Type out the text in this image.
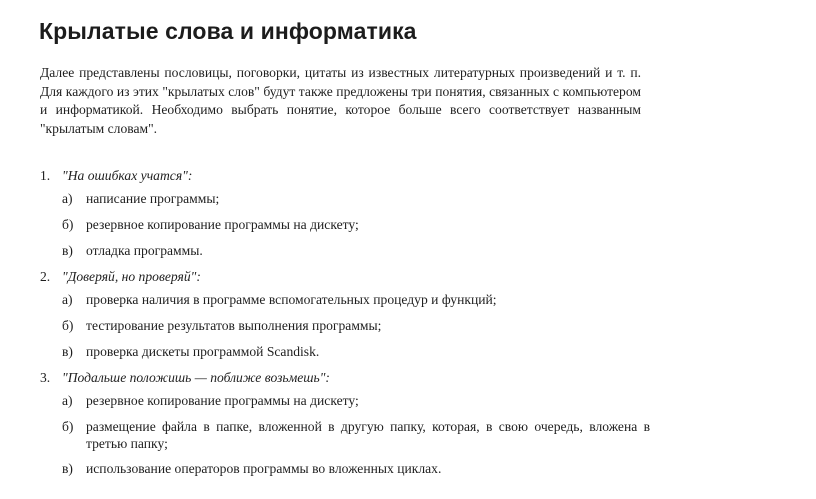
Крылатые слова и информатика

Далее представлены пословицы, поговорки, цитаты из известных литературных произведений и т. п. Для каждого из этих "крылатых слов" будут также предложены три понятия, связанных с компьютером и информатикой. Необходимо выбрать понятие, которое больше всего соответствует названным "крылатым словам".

1. "На ошибках учатся":
а) написание программы;
б) резервное копирование программы на дискету;
в) отладка программы.
2. "Доверяй, но проверяй":
а) проверка наличия в программе вспомогательных процедур и функций;
б) тестирование результатов выполнения программы;
в) проверка дискеты программой Scandisk.
3. "Подальше положишь — поближе возьмешь":
а) резервное копирование программы на дискету;
б) размещение файла в папке, вложенной в другую папку, которая, в свою очередь, вложена в третью папку;
в) использование операторов программы во вложенных циклах.
